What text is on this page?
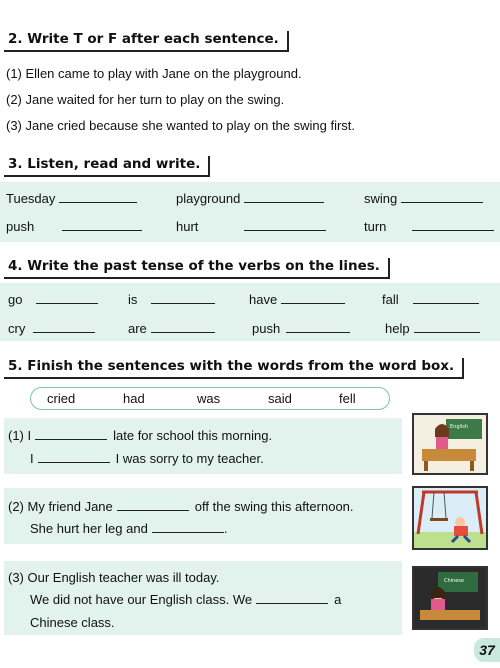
2. Write T or F after each sentence.
(1) Ellen came to play with Jane on the playground.
(2) Jane waited for her turn to play on the swing.
(3) Jane cried because she wanted to play on the swing first.
3. Listen, read and write.
Tuesday	playground	swing
push	hurt	turn
4. Write the past tense of the verbs on the lines.
go	is	have	fall
cry	are	push	help
5. Finish the sentences with the words from the word box.
cried	had	was	said	fell
(1) I	late for school this morning.
I	I was sorry to my teacher.
English
(2) My friend Jane	off the swing this afternoon.
She hurt her leg and	.
(3) Our English teacher was ill today.
We did not have our English class. We	a
Chinese class.
Chinese
37
